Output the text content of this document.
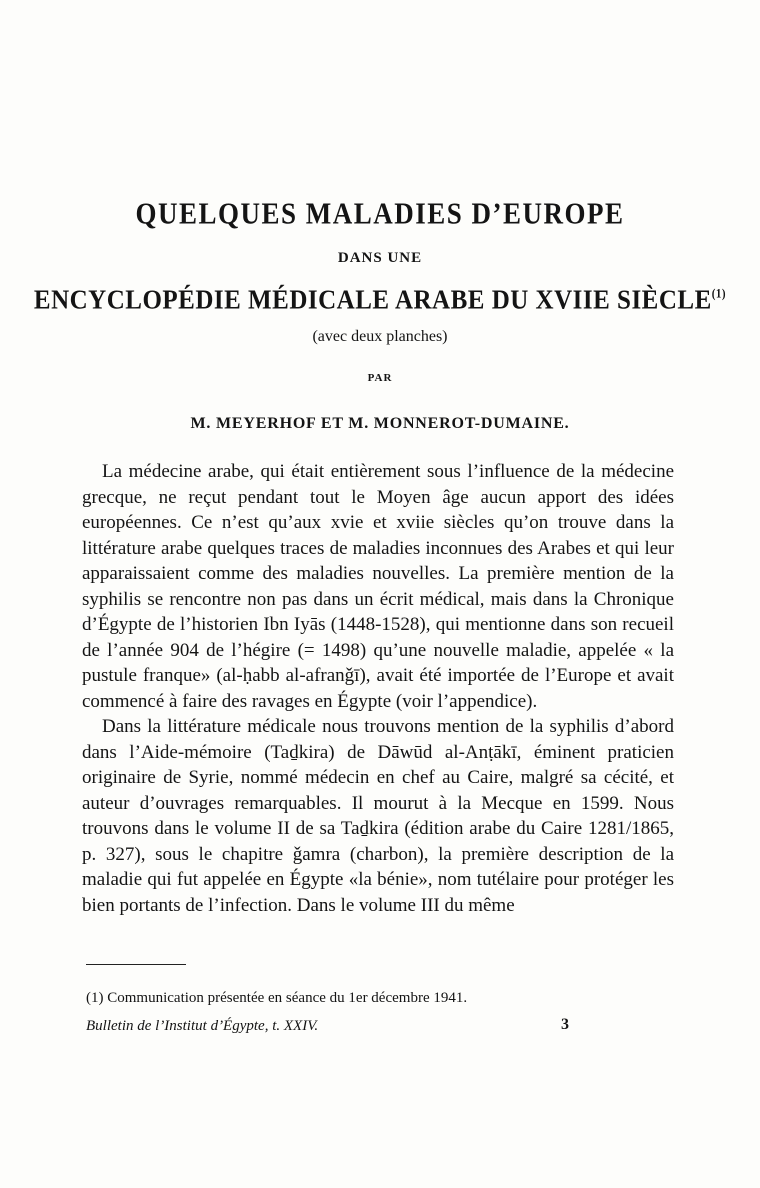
QUELQUES MALADIES D’EUROPE
DANS UNE
ENCYCLOPÉDIE MÉDICALE ARABE DU XVIIE SIÈCLE$^{(1)}$
(avec deux planches)
PAR
M. MEYERHOF ET M. MONNEROT-DUMAINE.

La médecine arabe, qui était entièrement sous l’influence de la médecine grecque, ne reçut pendant tout le Moyen âge aucun apport des idées européennes. Ce n’est qu’aux xvie et xviie siècles qu’on trouve dans la littérature arabe quelques traces de maladies inconnues des Arabes et qui leur apparaissaient comme des maladies nouvelles. La première mention de la syphilis se rencontre non pas dans un écrit médical, mais dans la Chronique d’Égypte de l’historien Ibn Iyās (1448-1528), qui mentionne dans son recueil de l’année 904 de l’hégire (= 1498) qu’une nouvelle maladie, appelée « la pustule franque» (al-ḥabb al-afranǧī), avait été importée de l’Europe et avait commencé à faire des ravages en Égypte (voir l’appendice).

Dans la littérature médicale nous trouvons mention de la syphilis d’abord dans l’Aide-mémoire (Taḏkira) de Dāwūd al-Anṭākī, éminent praticien originaire de Syrie, nommé médecin en chef au Caire, malgré sa cécité, et auteur d’ouvrages remarquables. Il mourut à la Mecque en 1599. Nous trouvons dans le volume II de sa Taḏkira (édition arabe du Caire 1281/1865, p. 327), sous le chapitre ǧamra (charbon), la première description de la maladie qui fut appelée en Égypte «la bénie», nom tutélaire pour protéger les bien portants de l’infection. Dans le volume III du même

(1) Communication présentée en séance du 1er décembre 1941.
Bulletin de l’Institut d’Égypte, t. XXIV.	3
